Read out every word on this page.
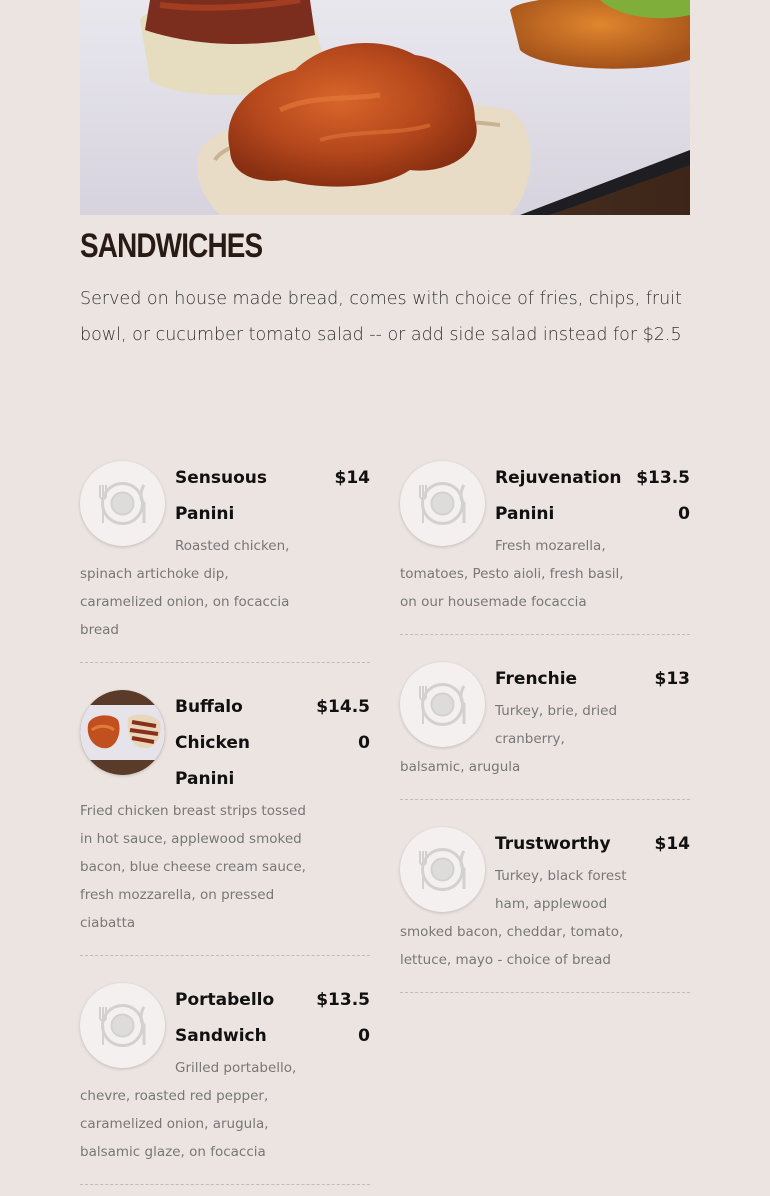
SANDWICHES

Served on house made bread, comes with choice of fries, chips, fruit bowl, or cucumber tomato salad -- or add side salad instead for $2.5

$14

Sensuous Panini

Roasted chicken, spinach artichoke dip, caramelized onion, on focaccia bread

$14.50

Buffalo Chicken Panini

Fried chicken breast strips tossed in hot sauce, applewood smoked bacon, blue cheese cream sauce, fresh mozzarella, on pressed ciabatta

$13.50

Portabello Sandwich

Grilled portabello, chevre, roasted red pepper, caramelized onion, arugula, balsamic glaze, on focaccia

$13.50

Rejuvenation Panini

Fresh mozarella, tomatoes, Pesto aioli, fresh basil, on our housemade focaccia

$13

Frenchie

Turkey, brie, dried cranberry, balsamic, arugula

$14

Trustworthy

Turkey, black forest ham, applewood smoked bacon, cheddar, tomato, lettuce, mayo - choice of bread
